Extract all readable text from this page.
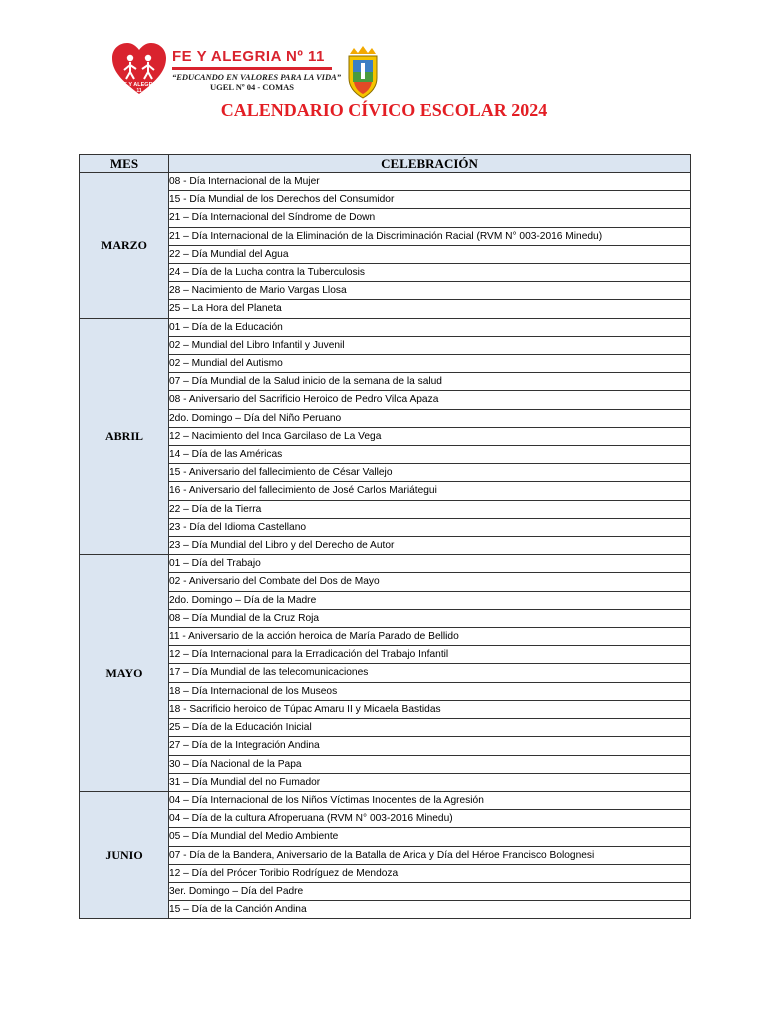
FE Y ALEGRIA
11
FE Y ALEGRIA Nº 11
“EDUCANDO EN VALORES PARA LA VIDA”
UGEL Nº 04 - COMAS
CALENDARIO CÍVICO ESCOLAR 2024
MES	CELEBRACIÓN
MARZO	08 - Día Internacional de la Mujer
	15 - Día Mundial de los Derechos del Consumidor
	21 – Día Internacional del Síndrome de Down
	21 – Día Internacional de la Eliminación de la Discriminación Racial (RVM N° 003-2016 Minedu)
	22 – Día Mundial del Agua
	24 – Día de la Lucha contra la Tuberculosis
	28 – Nacimiento de Mario Vargas Llosa
	25 – La Hora del Planeta
ABRIL	01 – Día de la Educación
	02 – Mundial del Libro Infantil y Juvenil
	02 – Mundial del Autismo
	07 – Día Mundial de la Salud inicio de la semana de la salud
	08 - Aniversario del Sacrificio Heroico de Pedro Vilca Apaza
	2do. Domingo – Día del Niño Peruano
	12 – Nacimiento del Inca Garcilaso de La Vega
	14 – Día de las Américas
	15 - Aniversario del fallecimiento de César Vallejo
	16 - Aniversario del fallecimiento de José Carlos Mariátegui
	22 – Día de la Tierra
	23 - Día del Idioma Castellano
	23 – Día Mundial del Libro y del Derecho de Autor
MAYO	01 – Día del Trabajo
	02 - Aniversario del Combate del Dos de Mayo
	2do. Domingo – Día de la Madre
	08 – Día Mundial de la Cruz Roja
	11 - Aniversario de la acción heroica de María Parado de Bellido
	12 – Día Internacional para la Erradicación del Trabajo Infantil
	17 – Día Mundial de las telecomunicaciones
	18 – Día Internacional de los Museos
	18 - Sacrificio heroico de Túpac Amaru II y Micaela Bastidas
	25 – Día de la Educación Inicial
	27 – Día de la Integración Andina
	30 – Día Nacional de la Papa
	31 – Día Mundial del no Fumador
JUNIO	04 – Día Internacional de los Niños Víctimas Inocentes de la Agresión
	04 – Día de la cultura Afroperuana (RVM N° 003-2016 Minedu)
	05 – Día Mundial del Medio Ambiente
	07 - Día de la Bandera, Aniversario de la Batalla de Arica y Día del Héroe Francisco Bolognesi
	12 – Día del Prócer Toribio Rodríguez de Mendoza
	3er. Domingo – Día del Padre
	15 – Día de la Canción Andina
